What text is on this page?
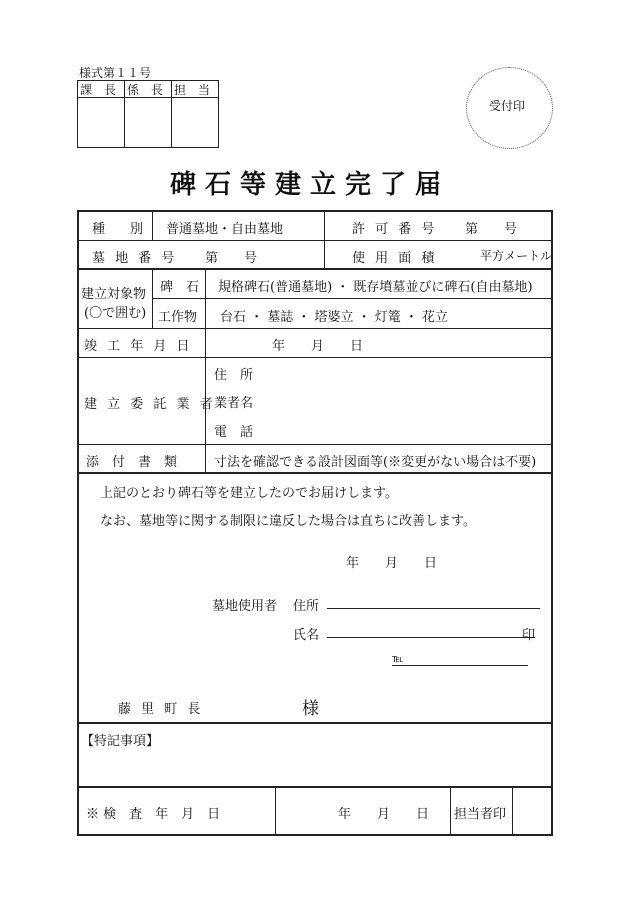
様式第１１号
課　長 係　長 担　当
受付印
碑石等建立完了届
種　別 普通墓地・自由墓地	許 可 番 号 第　　号
墓 地 番 号 第　　号	使 用 面 積	平方メートル
建立対象物
(〇で囲む)
碑　石 規格碑石(普通墓地) ・ 既存墳墓並びに碑石(自由墓地)
工作物 台石 ・ 墓誌 ・ 塔婆立 ・ 灯篭 ・ 花立
竣 工 年 月 日	年　　月　　日
建 立 委 託 業 者
住　所
業者名
電　話
添　付　書　類	寸法を確認できる設計図面等(※変更がない場合は不要)
上記のとおり碑石等を建立したのでお届けします。
なお、墓地等に関する制限に違反した場合は直ちに改善します。
年　　月　　日
墓地使用者 住所
氏名	印
℡
藤 里 町 長	様
【特記事項】
※ 検　査　年　月　日	年　　月　　日 担当者印
